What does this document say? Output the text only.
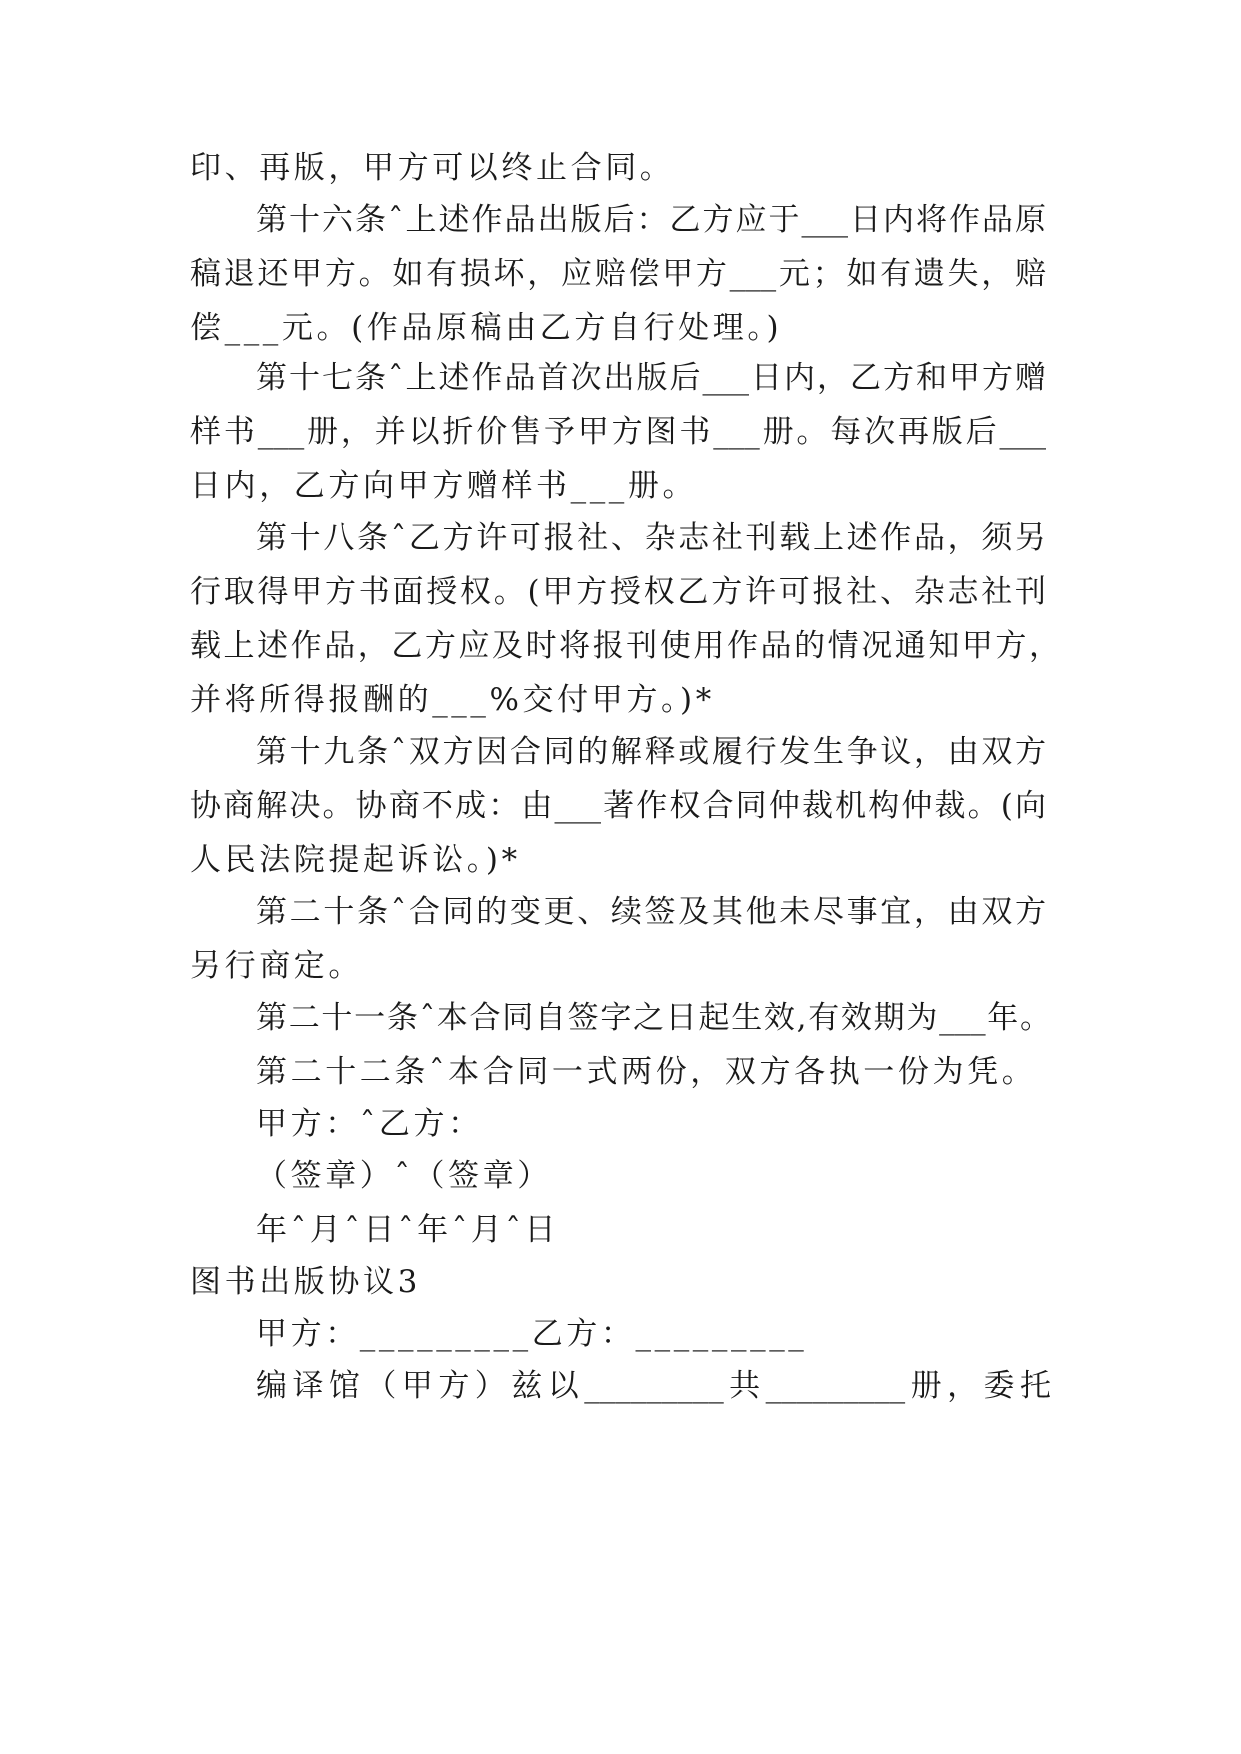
印、再版，甲方可以终止合同。
第十六条ˆ上述作品出版后：乙方应于___日内将作品原
稿退还甲方。如有损坏，应赔偿甲方___元；如有遗失，赔
偿___元。(作品原稿由乙方自行处理。)
第十七条ˆ上述作品首次出版后___日内，乙方和甲方赠
样书___册，并以折价售予甲方图书___册。每次再版后___
日内，乙方向甲方赠样书___册。
第十八条ˆ乙方许可报社、杂志社刊载上述作品，须另
行取得甲方书面授权。(甲方授权乙方许可报社、杂志社刊
载上述作品，乙方应及时将报刊使用作品的情况通知甲方，
并将所得报酬的___%交付甲方。)*
第十九条ˆ双方因合同的解释或履行发生争议，由双方
协商解决。协商不成：由___著作权合同仲裁机构仲裁。(向
人民法院提起诉讼。)*
第二十条ˆ合同的变更、续签及其他未尽事宜，由双方
另行商定。
第二十一条ˆ本合同自签字之日起生效,有效期为___年。
第二十二条ˆ本合同一式两份，双方各执一份为凭。
甲方：ˆ乙方：
（签章）ˆ（签章）
年ˆ月ˆ日ˆ年ˆ月ˆ日
图书出版协议3
甲方：_________乙方：_________
编译馆（甲方）兹以_________共_________册，委托
